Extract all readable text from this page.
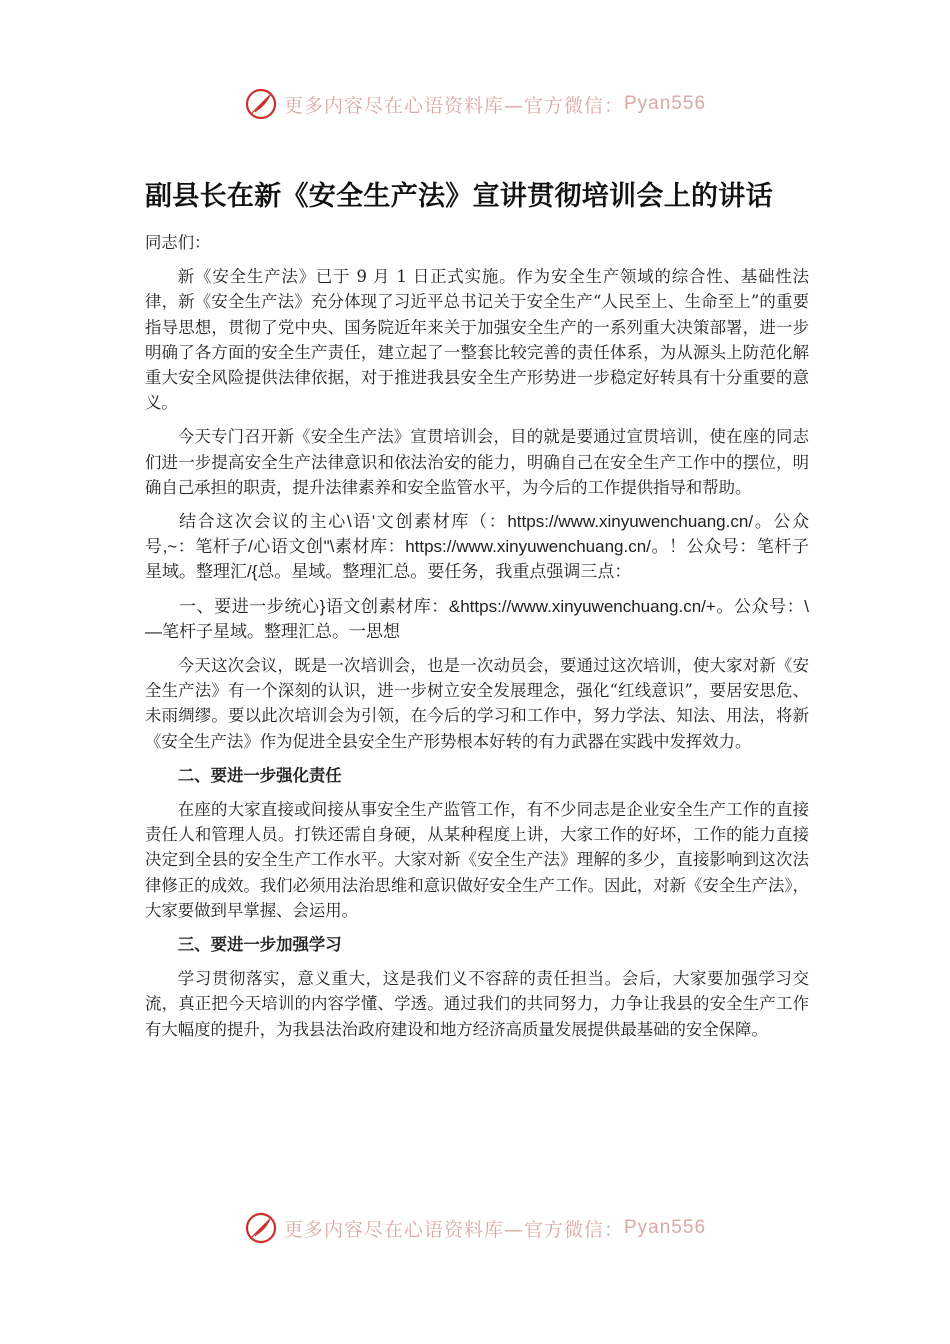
更多内容尽在心语资料库—官方微信： Pyan556
副县长在新《安全生产法》宣讲贯彻培训会上的讲话

同志们：

新《安全生产法》已于 9 月 1 日正式实施。作为安全生产领域的综合性、基础性法律，新《安全生产法》充分体现了习近平总书记关于安全生产“人民至上、生命至上”的重要指导思想，贯彻了党中央、国务院近年来关于加强安全生产的一系列重大决策部署，进一步明确了各方面的安全生产责任，建立起了一整套比较完善的责任体系，为从源头上防范化解重大安全风险提供法律依据，对于推进我县安全生产形势进一步稳定好转具有十分重要的意义。

今天专门召开新《安全生产法》宣贯培训会，目的就是要通过宣贯培训，使在座的同志们进一步提高安全生产法律意识和依法治安的能力，明确自己在安全生产工作中的摆位，明确自己承担的职责，提升法律素养和安全监管水平，为今后的工作提供指导和帮助。

结合这次会议的主心\语'文创素材库（：https://www.xinyuwenchuang.cn/。公众号,~：笔杆子/心语文创"\素材库：https://www.xinyuwenchuang.cn/。！公众号：笔杆子星域。整理汇/{总。星域。整理汇总。要任务，我重点强调三点：

一、要进一步统心}语文创素材库：&https://www.xinyuwenchuang.cn/+。公众号：\—笔杆子星域。整理汇总。一思想

今天这次会议，既是一次培训会，也是一次动员会，要通过这次培训，使大家对新《安全生产法》有一个深刻的认识，进一步树立安全发展理念，强化“红线意识”，要居安思危、未雨绸缪。要以此次培训会为引领，在今后的学习和工作中，努力学法、知法、用法，将新《安全生产法》作为促进全县安全生产形势根本好转的有力武器在实践中发挥效力。

二、要进一步强化责任

在座的大家直接或间接从事安全生产监管工作，有不少同志是企业安全生产工作的直接责任人和管理人员。打铁还需自身硬，从某种程度上讲，大家工作的好坏，工作的能力直接决定到全县的安全生产工作水平。大家对新《安全生产法》理解的多少，直接影响到这次法律修正的成效。我们必须用法治思维和意识做好安全生产工作。因此，对新《安全生产法》，大家要做到早掌握、会运用。

三、要进一步加强学习

学习贯彻落实，意义重大，这是我们义不容辞的责任担当。会后，大家要加强学习交流，真正把今天培训的内容学懂、学透。通过我们的共同努力，力争让我县的安全生产工作有大幅度的提升，为我县法治政府建设和地方经济高质量发展提供最基础的安全保障。

更多内容尽在心语资料库—官方微信： Pyan556
